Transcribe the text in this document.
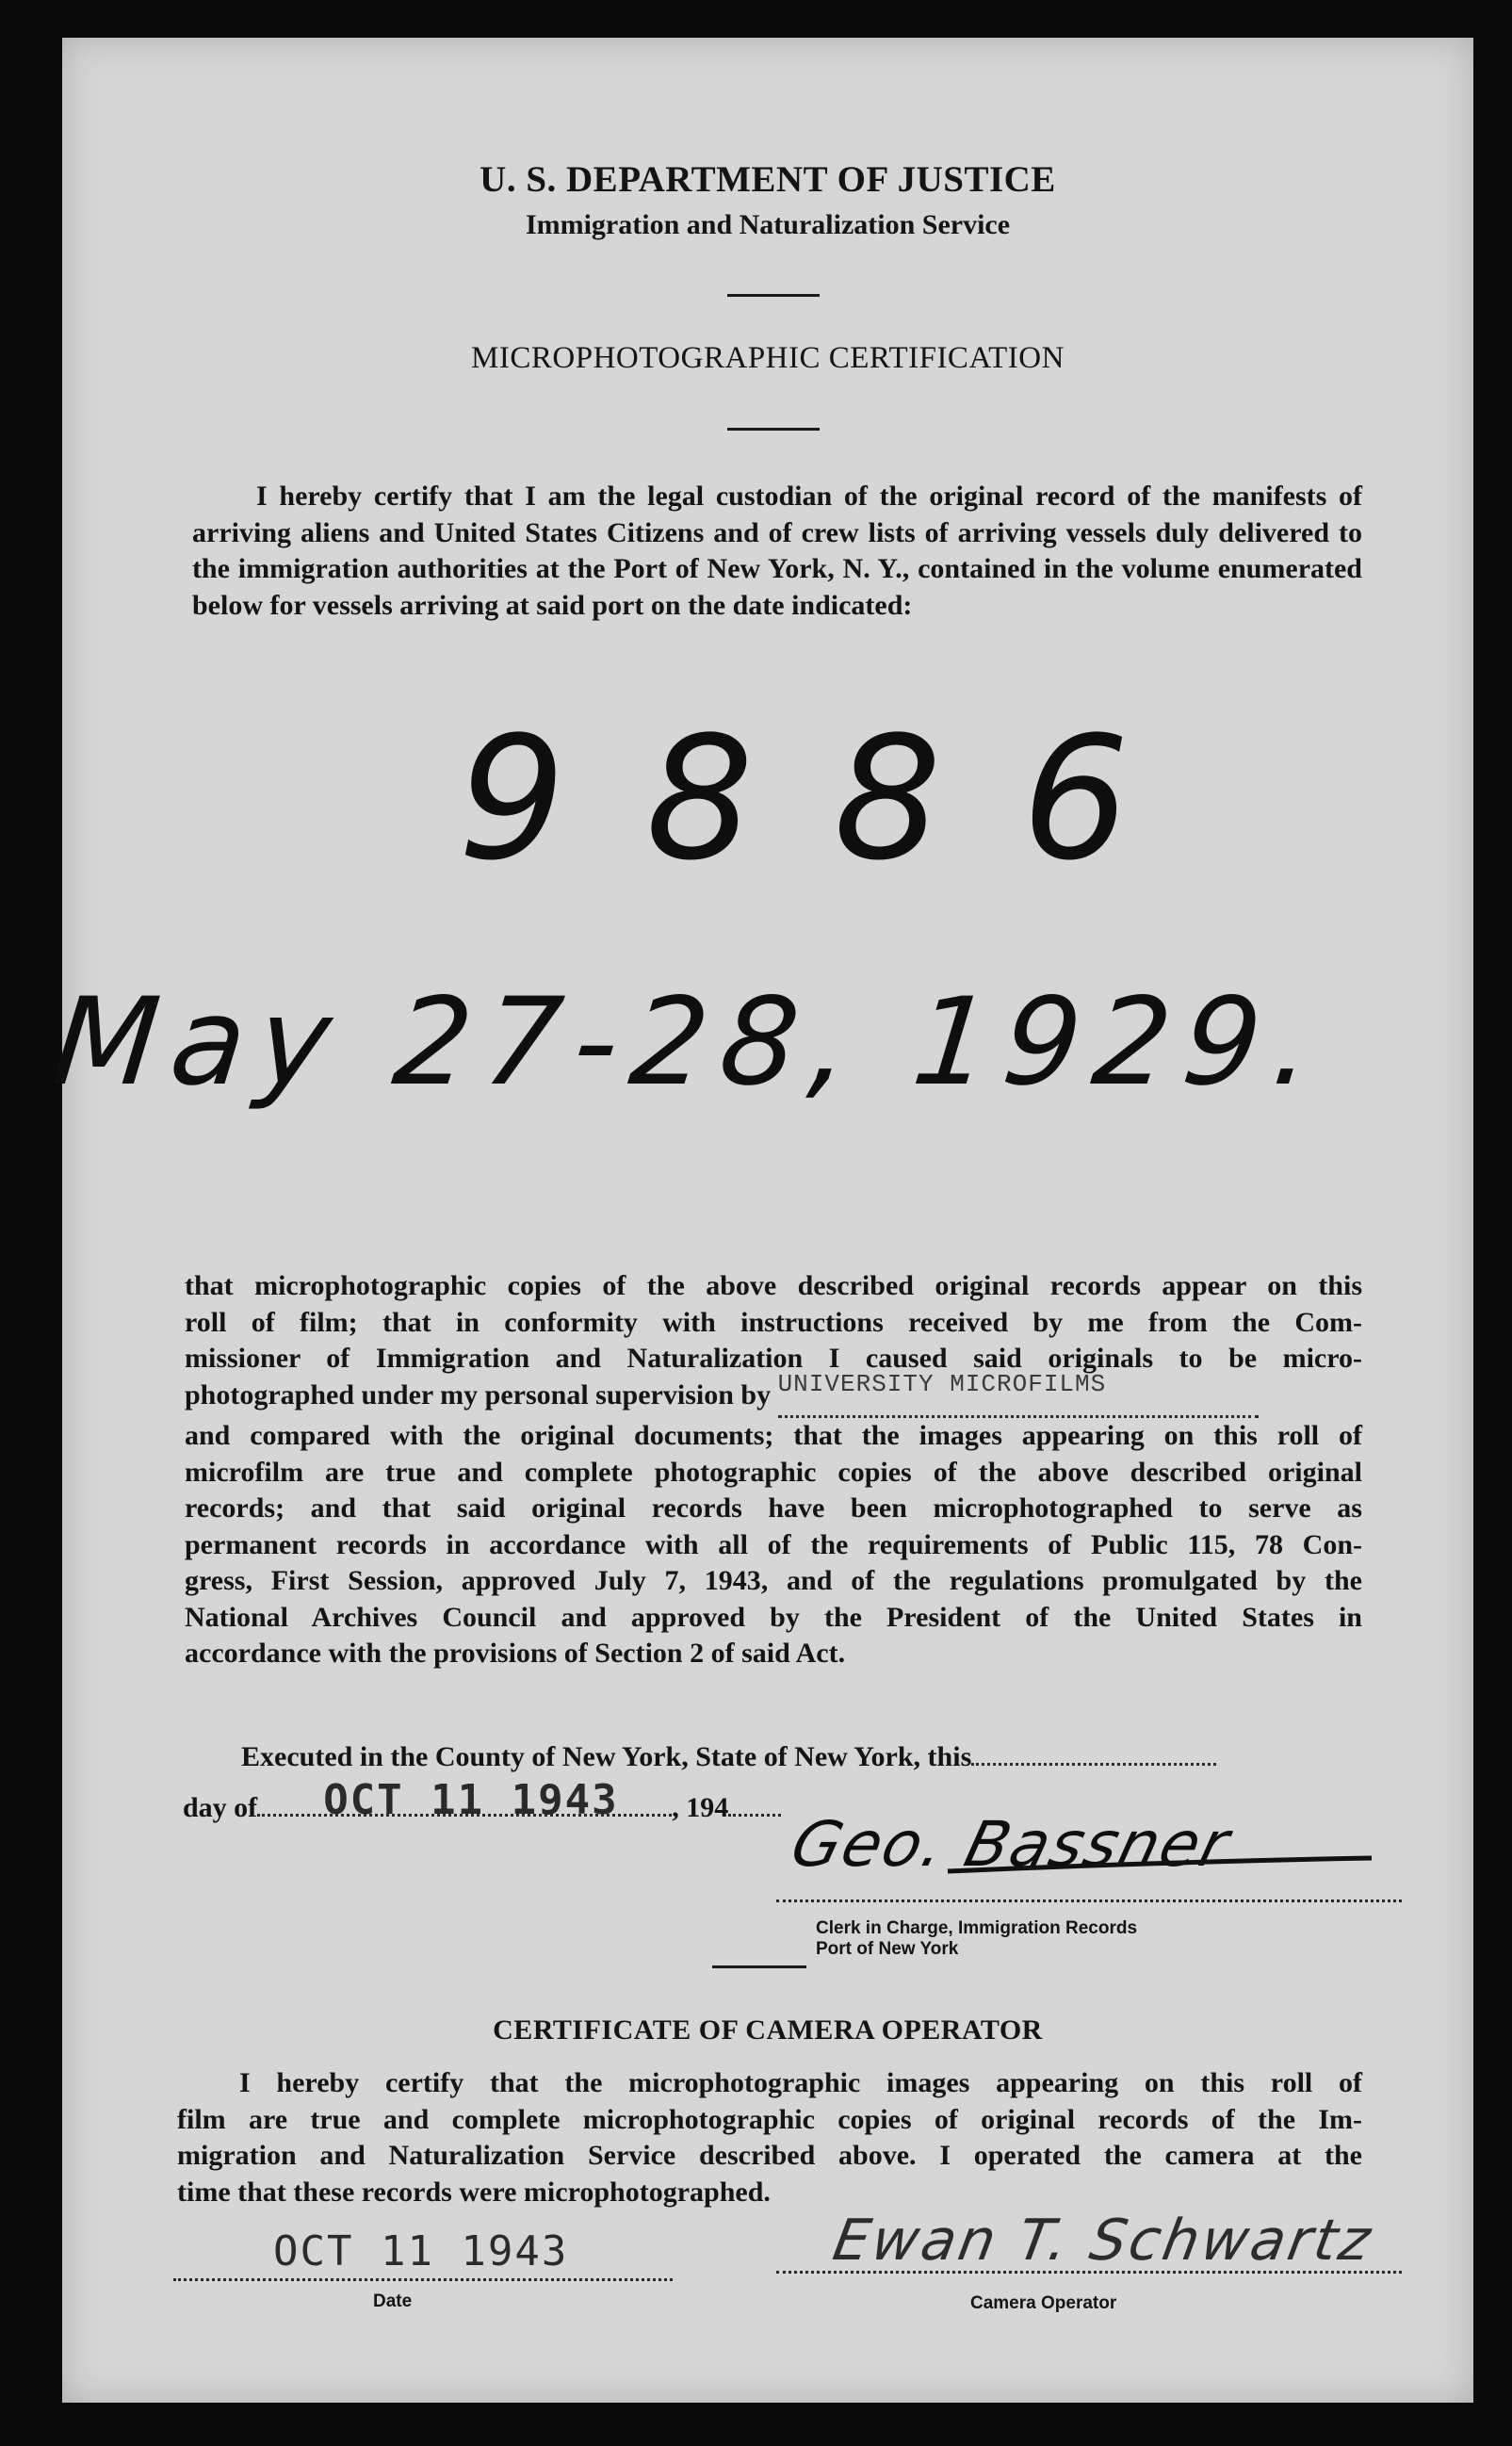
U. S. DEPARTMENT OF JUSTICE
Immigration and Naturalization Service
MICROPHOTOGRAPHIC CERTIFICATION
I hereby certify that I am the legal custodian of the original record of the manifests of arriving aliens and United States Citizens and of crew lists of arriving vessels duly delivered to the immigration authorities at the Port of New York, N. Y., contained in the volume enumerated below for vessels arriving at said port on the date indicated:
9886
May 27-28, 1929.
that microphotographic copies of the above described original records appear on this
roll of film; that in conformity with instructions received by me from the Com-
missioner of Immigration and Naturalization I caused said originals to be micro-
photographed under my personal supervision by UNIVERSITY MICROFILMS
and compared with the original documents; that the images appearing on this roll of
microfilm are true and complete photographic copies of the above described original
records; and that said original records have been microphotographed to serve as
permanent records in accordance with all of the requirements of Public 115, 78 Con-
gress, First Session, approved July 7, 1943, and of the regulations promulgated by the
National Archives Council and approved by the President of the United States in
accordance with the provisions of Section 2 of said Act.
Executed in the County of New York, State of New York, this
day of OCT 11 1943 , 194
Geo. Bassner
Clerk in Charge, Immigration Records
Port of New York
CERTIFICATE OF CAMERA OPERATOR
I hereby certify that the microphotographic images appearing on this roll of
film are true and complete microphotographic copies of original records of the Im-
migration and Naturalization Service described above. I operated the camera at the
time that these records were microphotographed.
OCT 11 1943
Date
Ewan T. Schwartz
Camera Operator
